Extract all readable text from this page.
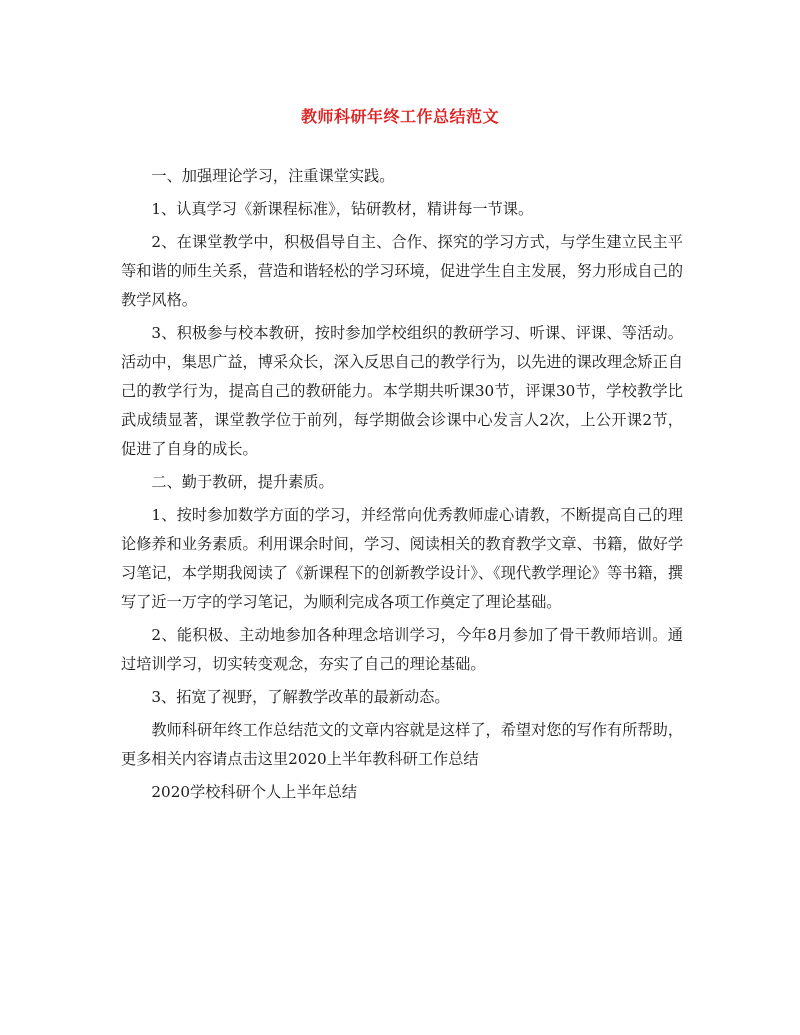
教师科研年终工作总结范文

一、加强理论学习，注重课堂实践。

1、认真学习《新课程标准》，钻研教材，精讲每一节课。

2、在课堂教学中，积极倡导自主、合作、探究的学习方式，与学生建立民主平等和谐的师生关系，营造和谐轻松的学习环境，促进学生自主发展，努力形成自己的教学风格。

3、积极参与校本教研，按时参加学校组织的教研学习、听课、评课、等活动。活动中，集思广益，博采众长，深入反思自己的教学行为，以先进的课改理念矫正自己的教学行为，提高自己的教研能力。本学期共听课30节，评课30节，学校教学比武成绩显著，课堂教学位于前列，每学期做会诊课中心发言人2次，上公开课2节，促进了自身的成长。

二、勤于教研，提升素质。

1、按时参加数学方面的学习，并经常向优秀教师虚心请教，不断提高自己的理论修养和业务素质。利用课余时间，学习、阅读相关的教育教学文章、书籍，做好学习笔记，本学期我阅读了《新课程下的创新教学设计》、《现代教学理论》等书籍，撰写了近一万字的学习笔记，为顺利完成各项工作奠定了理论基础。

2、能积极、主动地参加各种理念培训学习，今年8月参加了骨干教师培训。通过培训学习，切实转变观念，夯实了自己的理论基础。

3、拓宽了视野，了解教学改革的最新动态。

教师科研年终工作总结范文的文章内容就是这样了，希望对您的写作有所帮助，更多相关内容请点击这里2020上半年教科研工作总结

2020学校科研个人上半年总结
